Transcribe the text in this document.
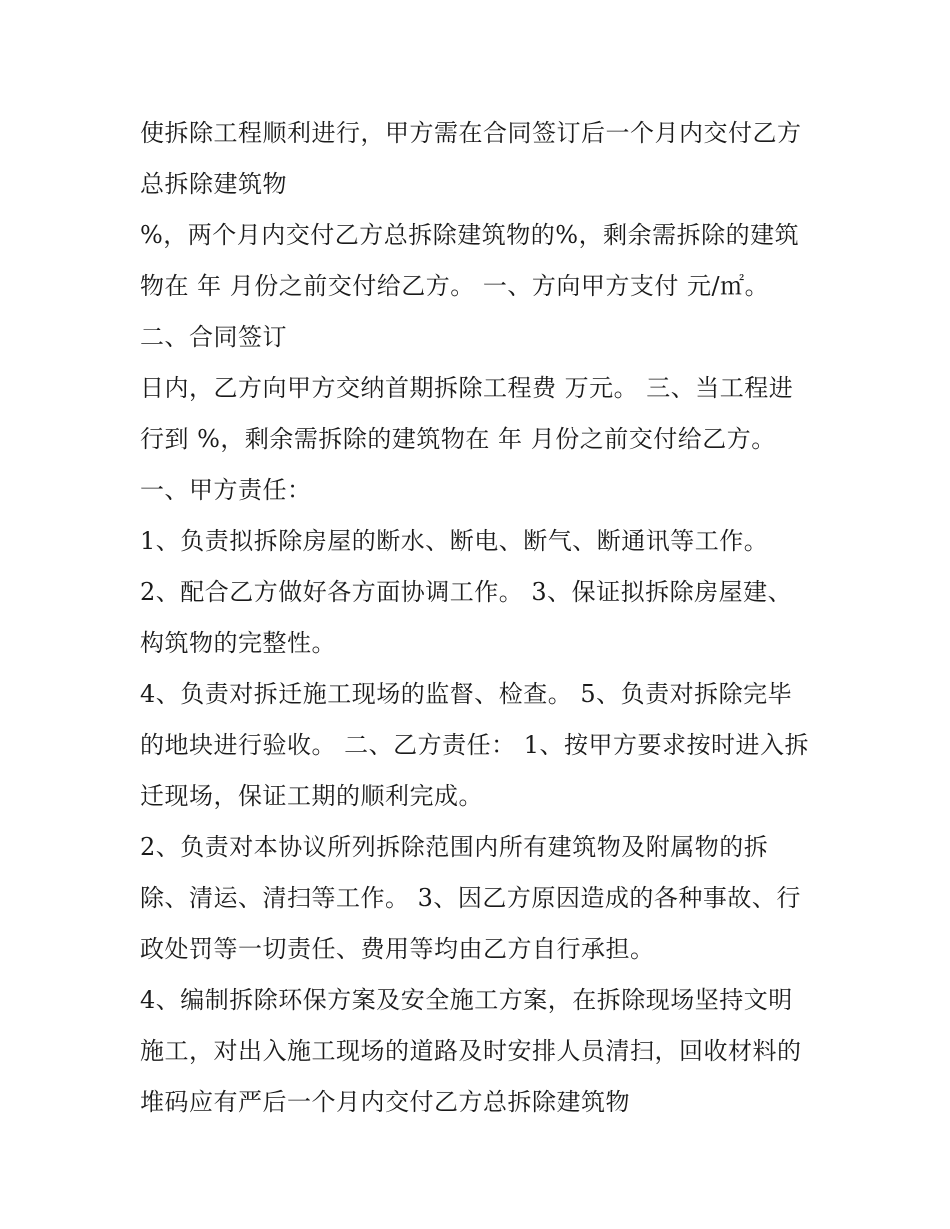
使拆除工程顺利进行，甲方需在合同签订后一个月内交付乙方
总拆除建筑物
%，两个月内交付乙方总拆除建筑物的%，剩余需拆除的建筑
物在 年 月份之前交付给乙方。 一、方向甲方支付 元/㎡。
二、合同签订
日内，乙方向甲方交纳首期拆除工程费 万元。 三、当工程进
行到 %，剩余需拆除的建筑物在 年 月份之前交付给乙方。
一、甲方责任：
1、负责拟拆除房屋的断水、断电、断气、断通讯等工作。
2、配合乙方做好各方面协调工作。 3、保证拟拆除房屋建、
构筑物的完整性。
4、负责对拆迁施工现场的监督、检查。 5、负责对拆除完毕
的地块进行验收。 二、乙方责任： 1、按甲方要求按时进入拆
迁现场，保证工期的顺利完成。
2、负责对本协议所列拆除范围内所有建筑物及附属物的拆
除、清运、清扫等工作。 3、因乙方原因造成的各种事故、行
政处罚等一切责任、费用等均由乙方自行承担。
4、编制拆除环保方案及安全施工方案，在拆除现场坚持文明
施工，对出入施工现场的道路及时安排人员清扫，回收材料的
堆码应有严后一个月内交付乙方总拆除建筑物
